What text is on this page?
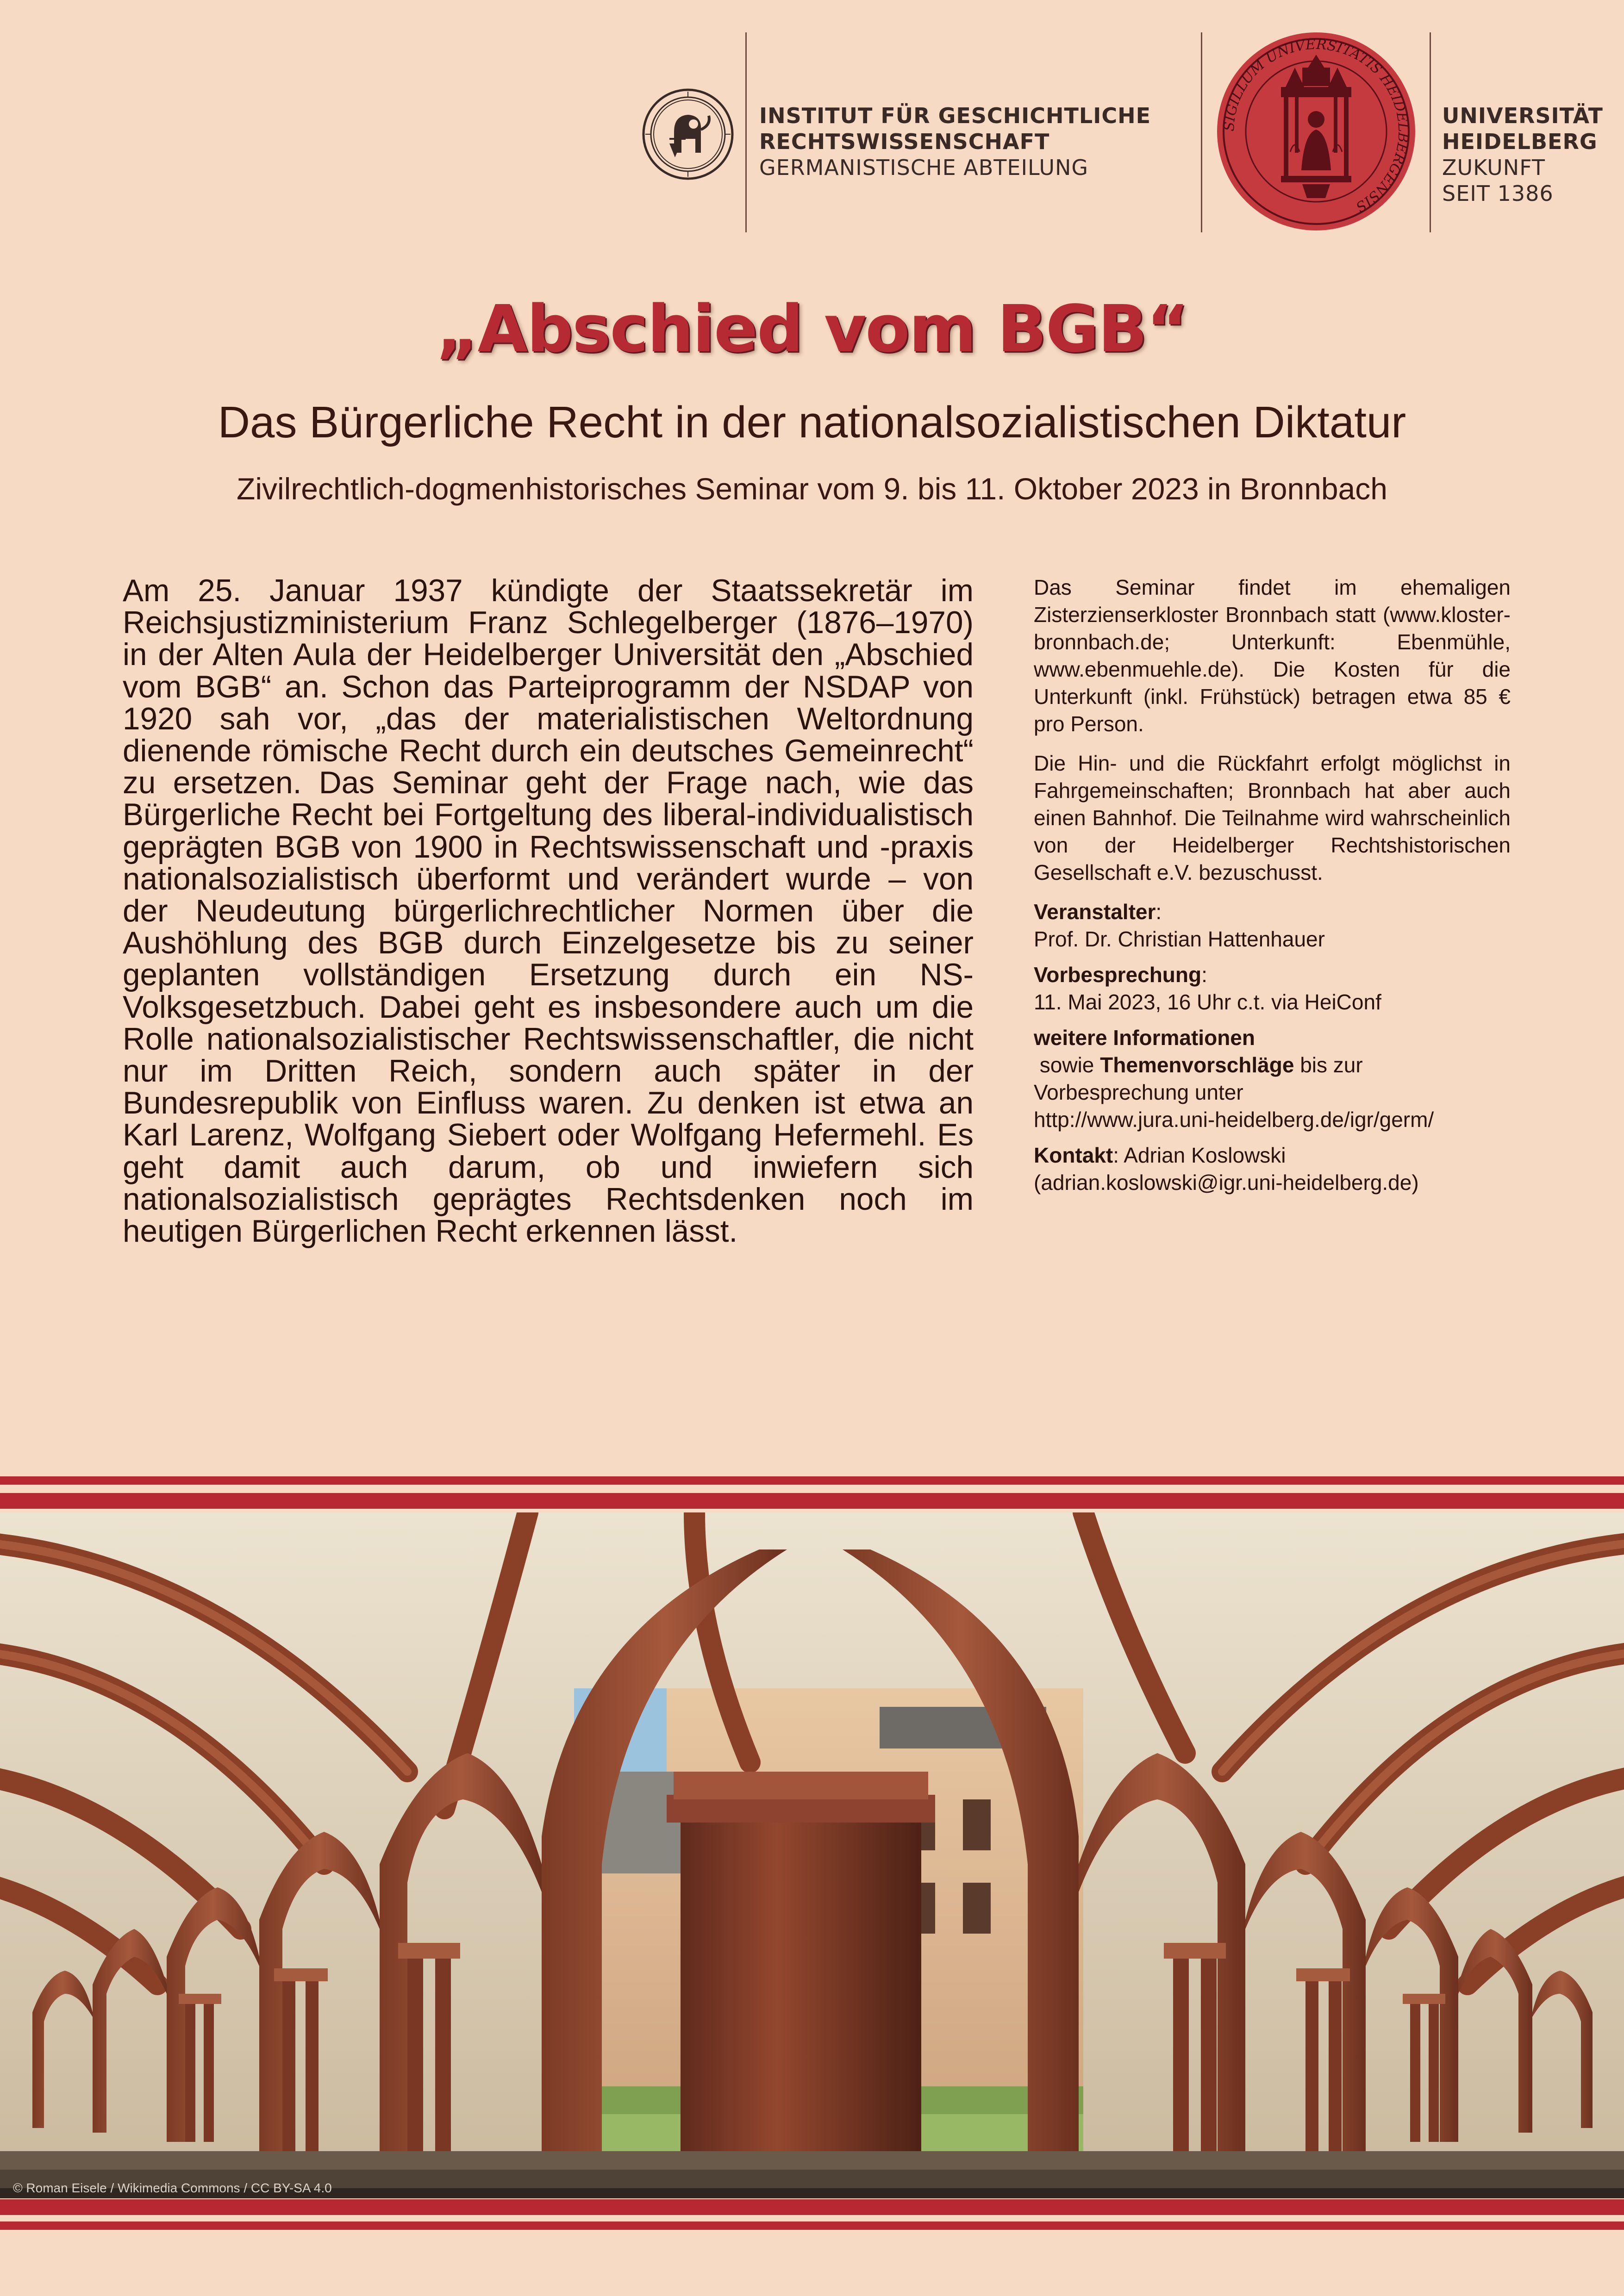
INSTITUT FÜR GESCHICHTLICHE
RECHTSWISSENSCHAFT
GERMANISTISCHE ABTEILUNG
SIGILLUM UNIVERSITATIS HEIDELBERGENSIS
UNIVERSITÄT
HEIDELBERG
ZUKUNFT
SEIT 1386
„Abschied vom BGB“
Das Bürgerliche Recht in der nationalsozialistischen Diktatur
Zivilrechtlich-dogmenhistorisches Seminar vom 9. bis 11. Oktober 2023 in Bronnbach
Am 25. Januar 1937 kündigte der Staatssekretär im Reichsjustizministerium Franz Schlegelberger (1876–1970) in der Alten Aula der Heidelberger Universität den „Abschied vom BGB“ an. Schon das Parteiprogramm der NSDAP von 1920 sah vor, „das der materialistischen Weltordnung dienende römische Recht durch ein deutsches Gemeinrecht“ zu ersetzen. Das Seminar geht der Frage nach, wie das Bürgerliche Recht bei Fortgeltung des liberal-individualistisch geprägten BGB von 1900 in Rechtswissenschaft und -praxis nationalsozialistisch überformt und verändert wurde – von der Neudeutung bürgerlichrechtlicher Normen über die Aushöhlung des BGB durch Einzelgesetze bis zu seiner geplanten vollständigen Ersetzung durch ein NS-Volksgesetzbuch. Dabei geht es insbesondere auch um die Rolle nationalsozialistischer Rechtswissenschaftler, die nicht nur im Dritten Reich, sondern auch später in der Bundesrepublik von Einfluss waren. Zu denken ist etwa an Karl Larenz, Wolfgang Siebert oder Wolfgang Hefermehl. Es geht damit auch darum, ob und inwiefern sich nationalsozialistisch geprägtes Rechtsdenken noch im heutigen Bürgerlichen Recht erkennen lässt.

Das Seminar findet im ehemaligen Zisterzienserkloster Bronnbach statt (www.kloster-bronnbach.de; Unterkunft: Ebenmühle, www.ebenmuehle.de). Die Kosten für die Unterkunft (inkl. Frühstück) betragen etwa 85 € pro Person.

Die Hin- und die Rückfahrt erfolgt möglichst in Fahrgemeinschaften; Bronnbach hat aber auch einen Bahnhof. Die Teilnahme wird wahrscheinlich von der Heidelberger Rechtshistorischen Gesellschaft e.V. bezuschusst.

Veranstalter:
Prof. Dr. Christian Hattenhauer
Vorbesprechung:
11. Mai 2023, 16 Uhr c.t. via HeiConf
weitere Informationen sowie Themenvorschläge bis zur Vorbesprechung unter
http://www.jura.uni-heidelberg.de/igr/germ/
Kontakt: Adrian Koslowski
(adrian.koslowski@igr.uni-heidelberg.de)
© Roman Eisele / Wikimedia Commons / CC BY-SA 4.0
